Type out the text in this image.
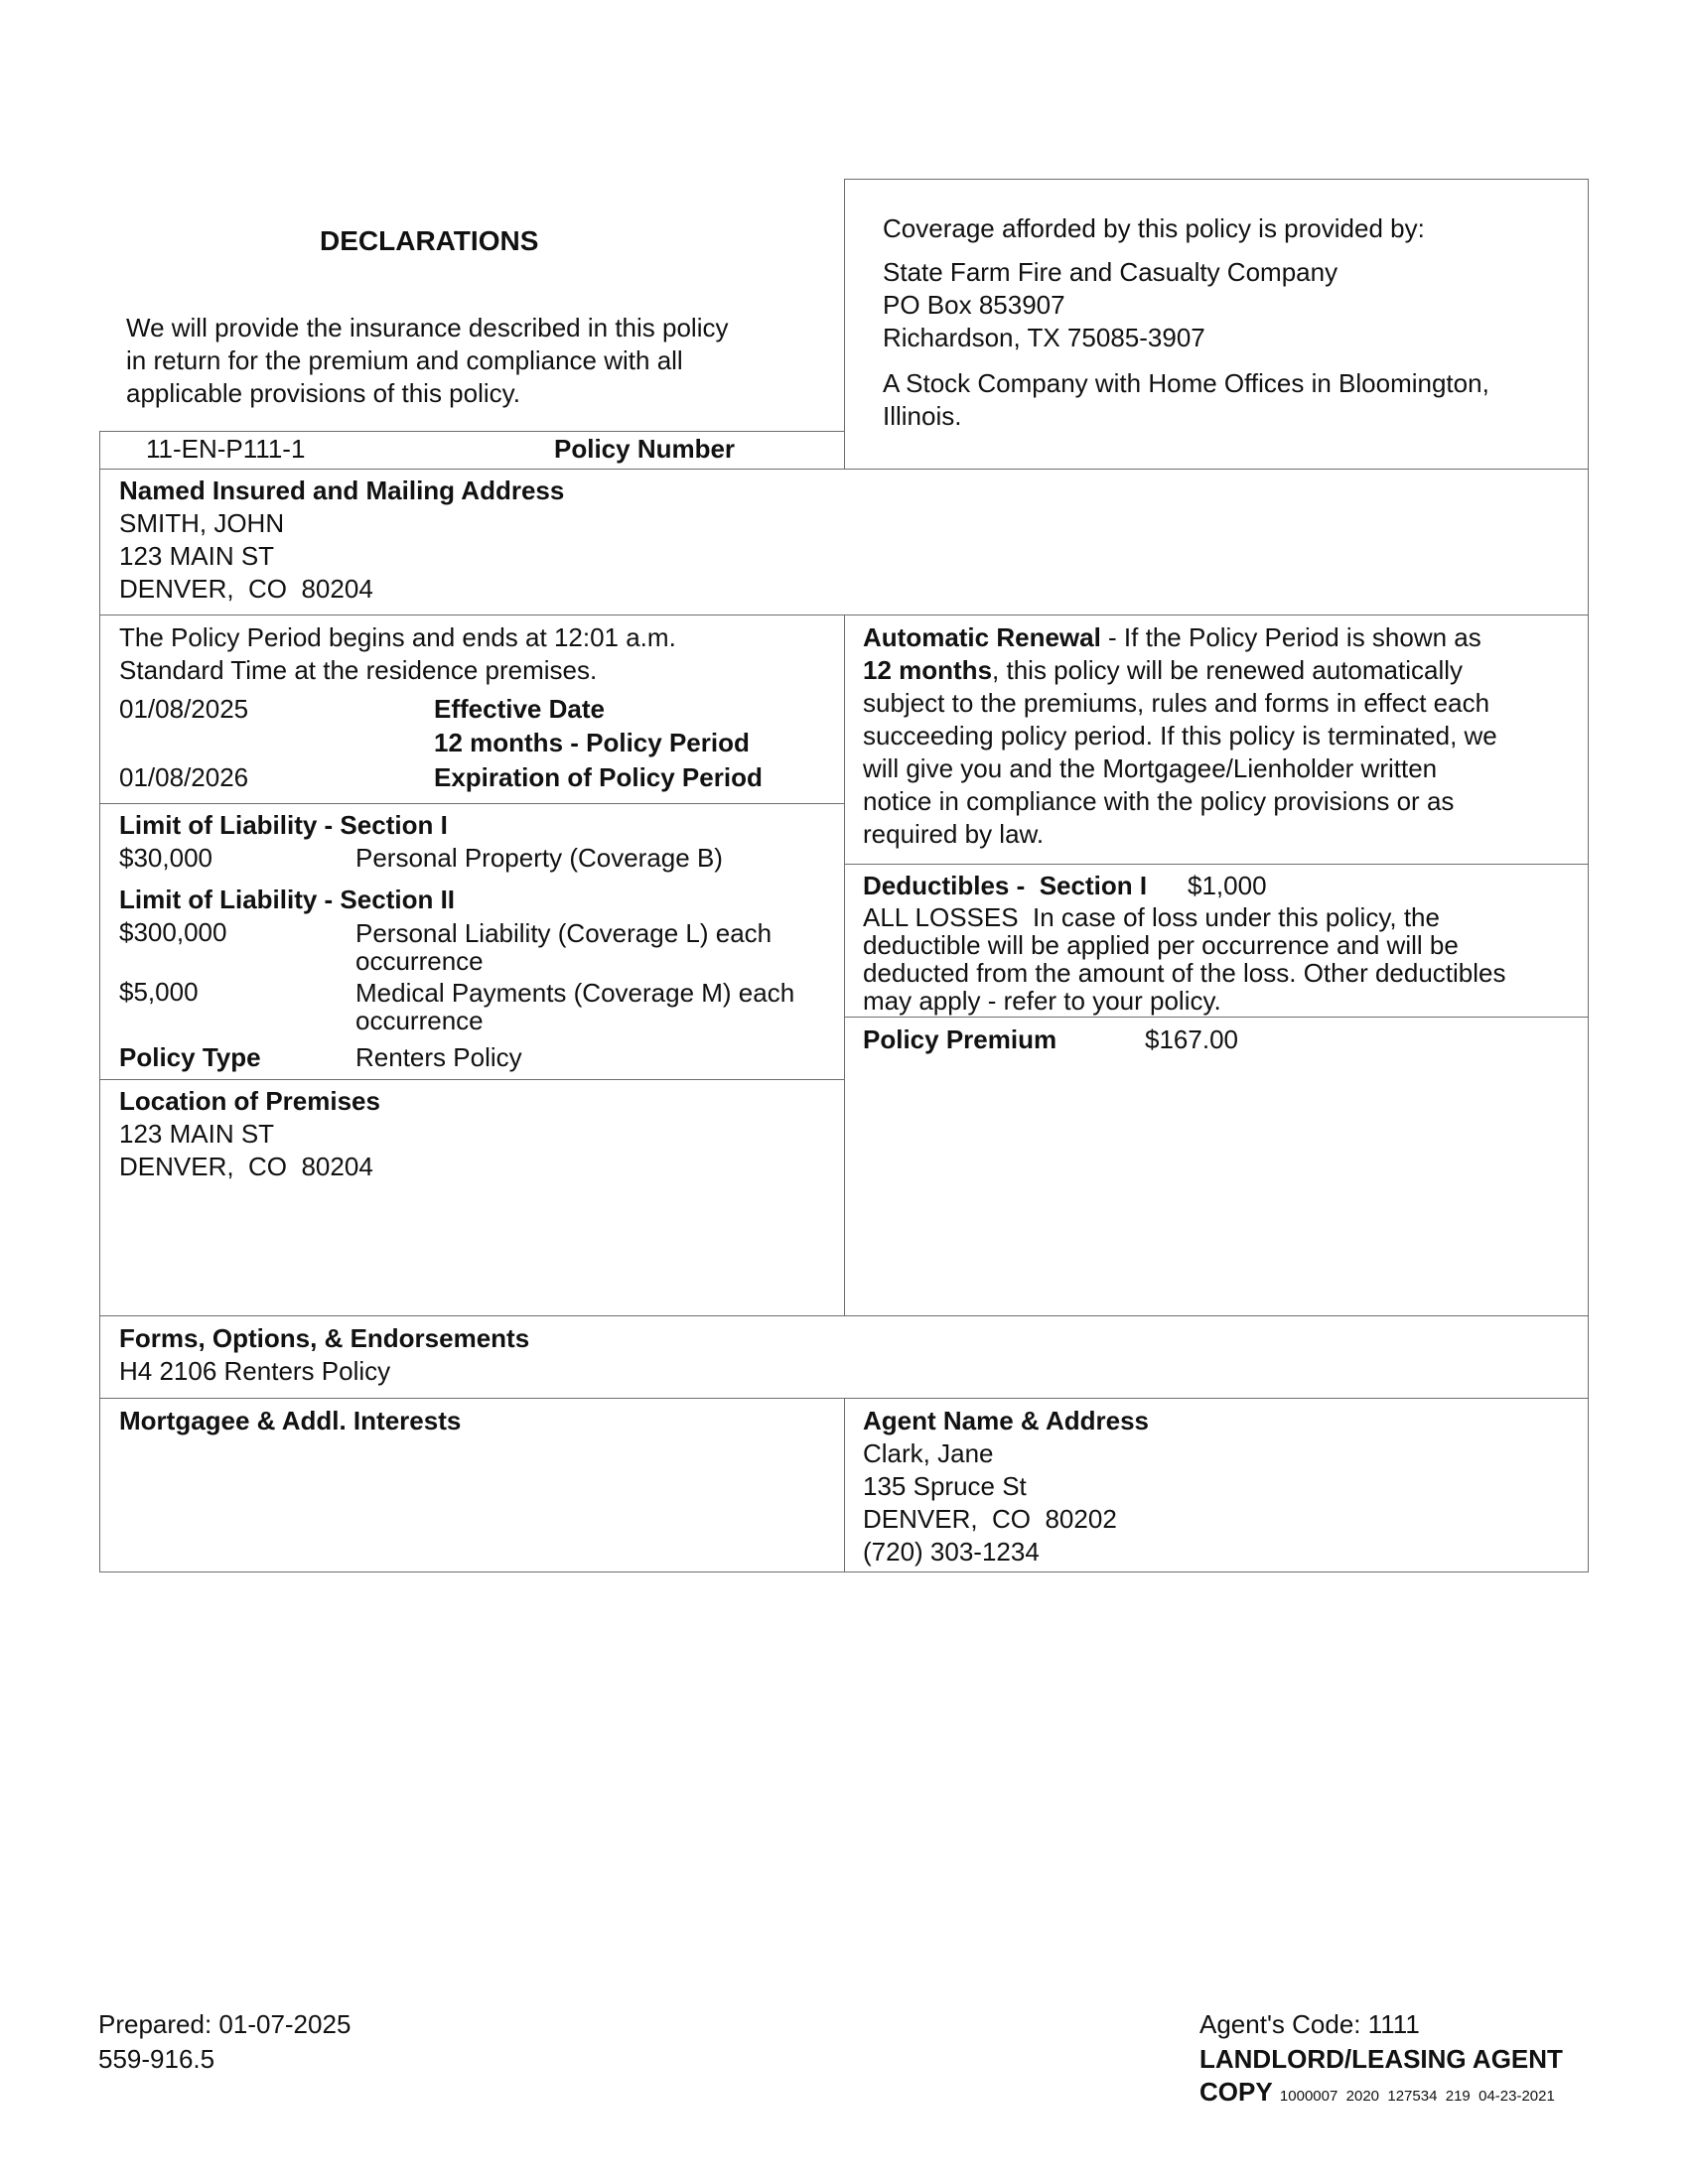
DECLARATIONS
We will provide the insurance described in this policy
in return for the premium and compliance with all
applicable provisions of this policy.
11-EN-P111-1	Policy Number
Coverage afforded by this policy is provided by:
State Farm Fire and Casualty Company
PO Box 853907
Richardson, TX 75085-3907
A Stock Company with Home Offices in Bloomington,
Illinois.
Named Insured and Mailing Address
SMITH, JOHN
123 MAIN ST
DENVER,  CO  80204
The Policy Period begins and ends at 12:01 a.m.
Standard Time at the residence premises.
01/08/2025	Effective Date
12 months - Policy Period
01/08/2026	Expiration of Policy Period
Automatic Renewal - If the Policy Period is shown as
12 months, this policy will be renewed automatically
subject to the premiums, rules and forms in effect each
succeeding policy period. If this policy is terminated, we
will give you and the Mortgagee/Lienholder written
notice in compliance with the policy provisions or as
required by law.
Limit of Liability - Section I
$30,000	Personal Property (Coverage B)
Limit of Liability - Section II
$300,000	Personal Liability (Coverage L) each
occurrence
$5,000	Medical Payments (Coverage M) each
occurrence
Policy Type	Renters Policy
Deductibles -  Section I $1,000
ALL LOSSES  In case of loss under this policy, the
deductible will be applied per occurrence and will be
deducted from the amount of the loss. Other deductibles
may apply - refer to your policy.
Policy Premium	$167.00
Location of Premises
123 MAIN ST
DENVER,  CO  80204
Forms, Options, & Endorsements
H4 2106 Renters Policy
Mortgagee & Addl. Interests	Agent Name & Address
Clark, Jane
135 Spruce St
DENVER,  CO  80202
(720) 303-1234
Prepared: 01-07-2025
559-916.5
Agent's Code: 1111
LANDLORD/LEASING AGENT
COPY 1000007  2020  127534  219  04-23-2021
